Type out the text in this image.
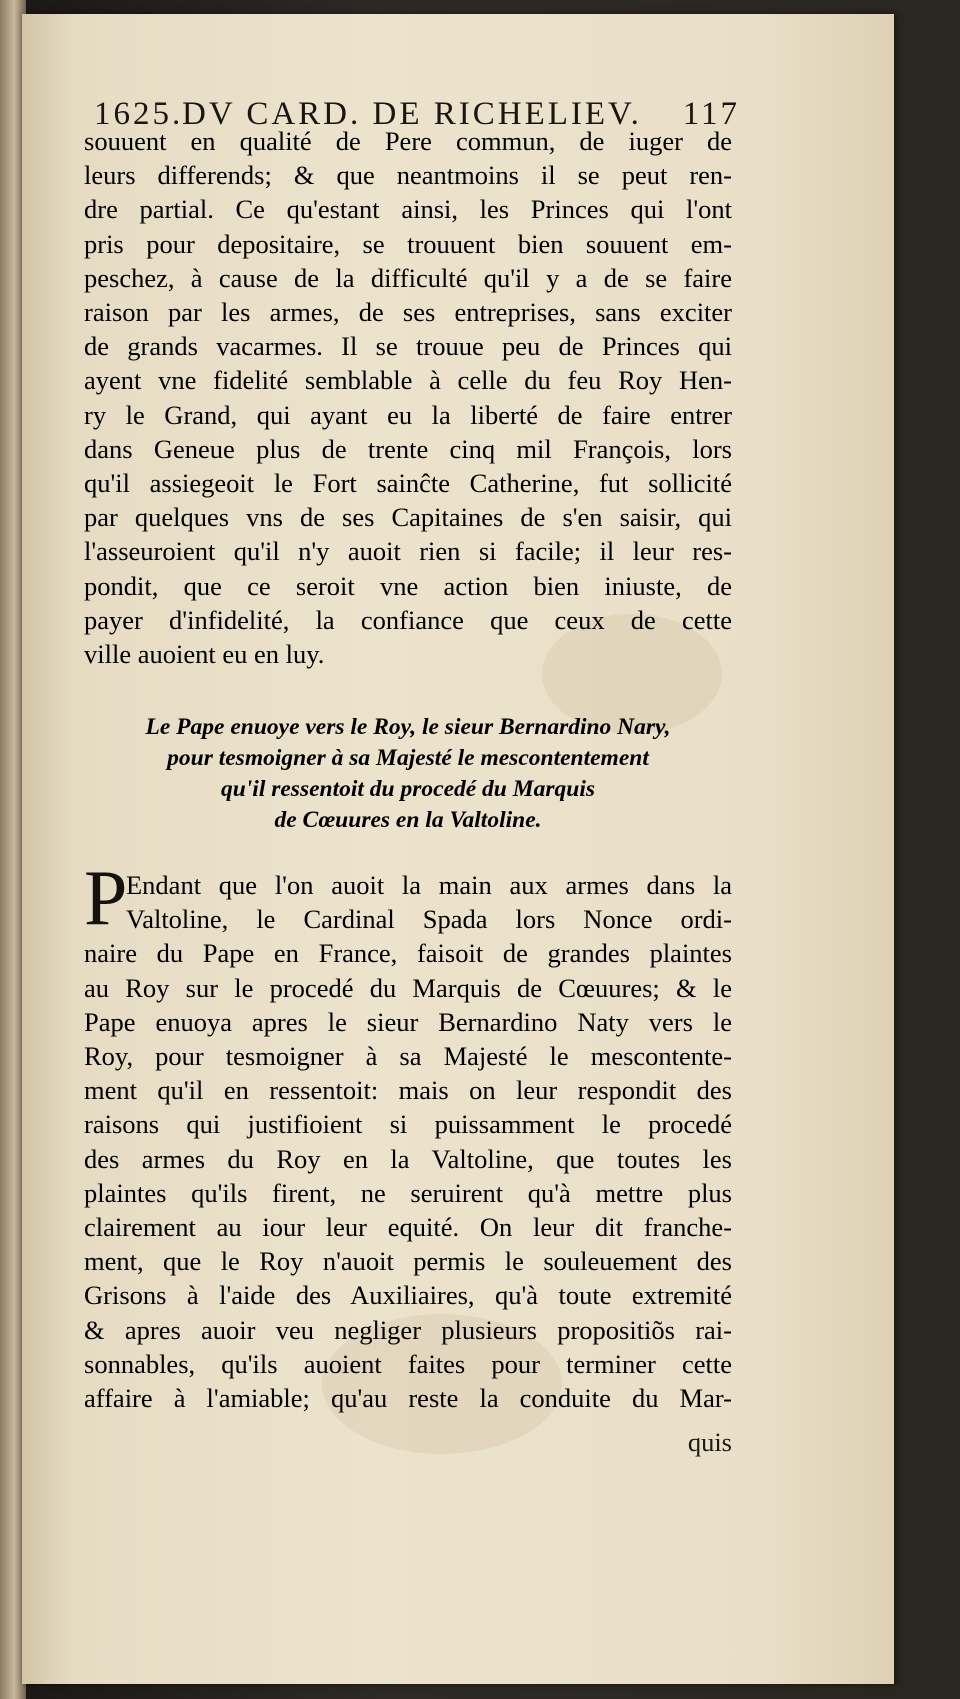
1625.
DV CARD. DE RICHELIEV. 117
souuent en qualité de Pere commun, de iuger de
leurs differends; & que neantmoins il se peut ren-
dre partial. Ce qu'estant ainsi, les Princes qui l'ont
pris pour depositaire, se trouuent bien souuent em-
peschez, à cause de la difficulté qu'il y a de se faire
raison par les armes, de ses entreprises, sans exciter
de grands vacarmes. Il se trouue peu de Princes qui
ayent vne fidelité semblable à celle du feu Roy Hen-
ry le Grand, qui ayant eu la liberté de faire entrer
dans Geneue plus de trente cinq mil François, lors
qu'il assiegeoit le Fort sainĉte Catherine, fut sollicité
par quelques vns de ses Capitaines de s'en saisir, qui
l'asseuroient qu'il n'y auoit rien si facile; il leur res-
pondit, que ce seroit vne action bien iniuste, de
payer d'infidelité, la confiance que ceux de cette
ville auoient eu en luy.
Le Pape enuoye vers le Roy, le sieur Bernardino Nary,
pour tesmoigner à sa Majesté le mescontentement
qu'il ressentoit du procedé du Marquis
de Cœuures en la Valtoline.
P
Endant que l'on auoit la main aux armes dans la
Valtoline, le Cardinal Spada lors Nonce ordi-
naire du Pape en France, faisoit de grandes plaintes
au Roy sur le procedé du Marquis de Cœuures; & le
Pape enuoya apres le sieur Bernardino Naty vers le
Roy, pour tesmoigner à sa Majesté le mescontente-
ment qu'il en ressentoit: mais on leur respondit des
raisons qui justifioient si puissamment le procedé
des armes du Roy en la Valtoline, que toutes les
plaintes qu'ils firent, ne seruirent qu'à mettre plus
clairement au iour leur equité. On leur dit franche-
ment, que le Roy n'auoit permis le souleuement des
Grisons à l'aide des Auxiliaires, qu'à toute extremité
& apres auoir veu negliger plusieurs propositiõs rai-
sonnables, qu'ils auoient faites pour terminer cette
affaire à l'amiable; qu'au reste la conduite du Mar-
quis
